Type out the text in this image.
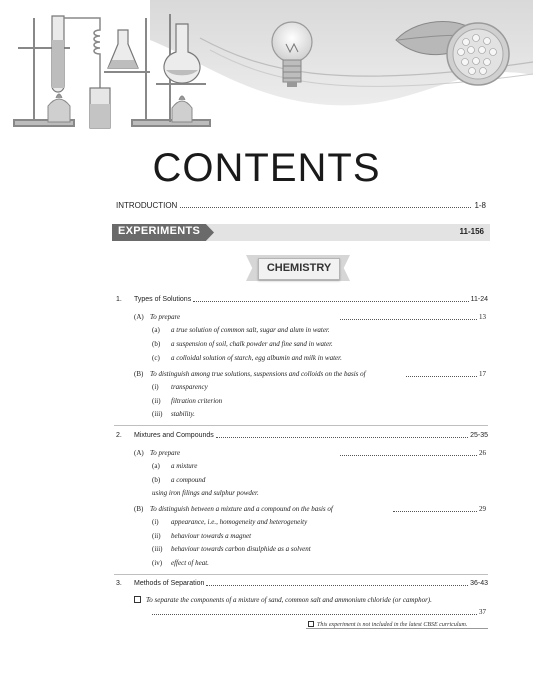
CONTENTS
INTRODUCTION	1-8
EXPERIMENTS	11-156
CHEMISTRY
1.	Types of Solutions	11-24
(A) To prepare	13
(a) a true solution of common salt, sugar and alum in water.
(b) a suspension of soil, chalk powder and fine sand in water.
(c) a colloidal solution of starch, egg albumin and milk in water.
(B) To distinguish among true solutions, suspensions and colloids on the basis of	17
(i) transparency
(ii) filtration criterion
(iii) stability.
2.	Mixtures and Compounds	25-35
(A) To prepare	26
(a) a mixture
(b) a compound
using iron filings and sulphur powder.
(B) To distinguish between a mixture and a compound on the basis of	29
(i) appearance, i.e., homogeneity and heterogeneity
(ii) behaviour towards a magnet
(iii) behaviour towards carbon disulphide as a solvent
(iv) effect of heat.
3.	Methods of Separation	36-43
To separate the components of a mixture of sand, common salt and ammonium chloride (or camphor).
37
This experiment is not included in the latest CBSE curriculum.
